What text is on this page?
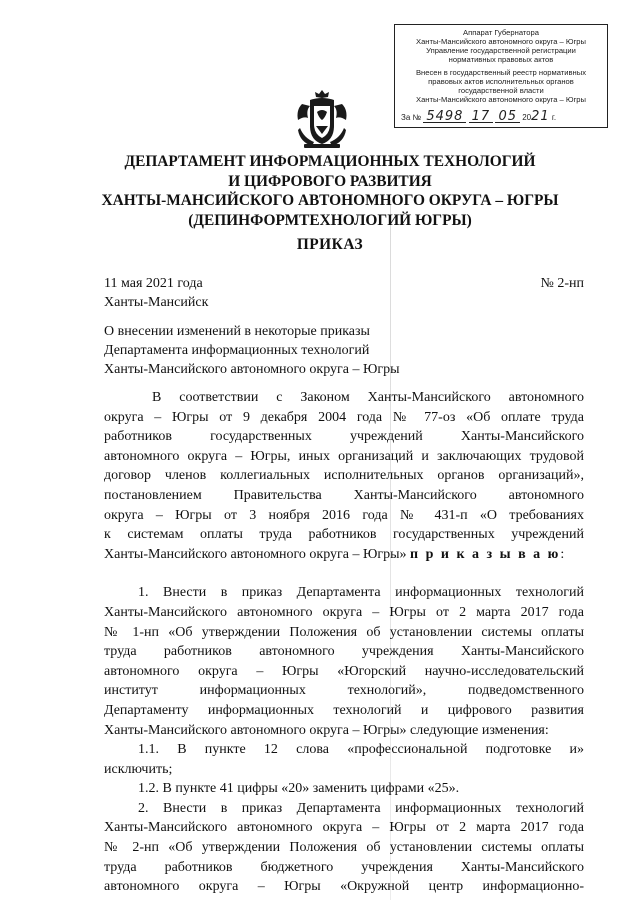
Аппарат Губернатора
Ханты-Мансийского автономного округа – Югры
Управление государственной регистрации
нормативных правовых актов
Внесен в государственный реестр нормативных
правовых актов исполнительных органов
государственной власти
Ханты-Мансийского автономного округа – Югры
За № 5498 17 05 2021 г.
ДЕПАРТАМЕНТ ИНФОРМАЦИОННЫХ ТЕХНОЛОГИЙ
И ЦИФРОВОГО РАЗВИТИЯ
ХАНТЫ-МАНСИЙСКОГО АВТОНОМНОГО ОКРУГА – ЮГРЫ
(ДЕПИНФОРМТЕХНОЛОГИЙ ЮГРЫ)
ПРИКАЗ
11 мая 2021 года
Ханты-Мансийск
№ 2-нп
О внесении изменений в некоторые приказы
Департамента информационных технологий
Ханты-Мансийского автономного округа – Югры

В соответствии с Законом Ханты-Мансийского автономного

округа – Югры от 9 декабря 2004 года № 77-оз «Об оплате труда

работников государственных учреждений Ханты-Мансийского

автономного округа – Югры, иных организаций и заключающих трудовой

договор членов коллегиальных исполнительных органов организаций»,

постановлением Правительства Ханты-Мансийского автономного

округа – Югры от 3 ноября 2016 года № 431-п «О требованиях

к системам оплаты труда работников государственных учреждений

Ханты-Мансийского автономного округа – Югры» п р и к а з ы в а ю:

1. Внести в приказ Департамента информационных технологий

Ханты-Мансийского автономного округа – Югры от 2 марта 2017 года

№ 1-нп «Об утверждении Положения об установлении системы оплаты

труда работников автономного учреждения Ханты-Мансийского

автономного округа – Югры «Югорский научно-исследовательский

институт информационных технологий», подведомственного

Департаменту информационных технологий и цифрового развития

Ханты-Мансийского автономного округа – Югры» следующие изменения:

1.1. В пункте 12 слова «профессиональной подготовке и»

исключить;

1.2. В пункте 41 цифры «20» заменить цифрами «25».

2. Внести в приказ Департамента информационных технологий

Ханты-Мансийского автономного округа – Югры от 2 марта 2017 года

№ 2-нп «Об утверждении Положения об установлении системы оплаты

труда работников бюджетного учреждения Ханты-Мансийского

автономного округа – Югры «Окружной центр информационно-
